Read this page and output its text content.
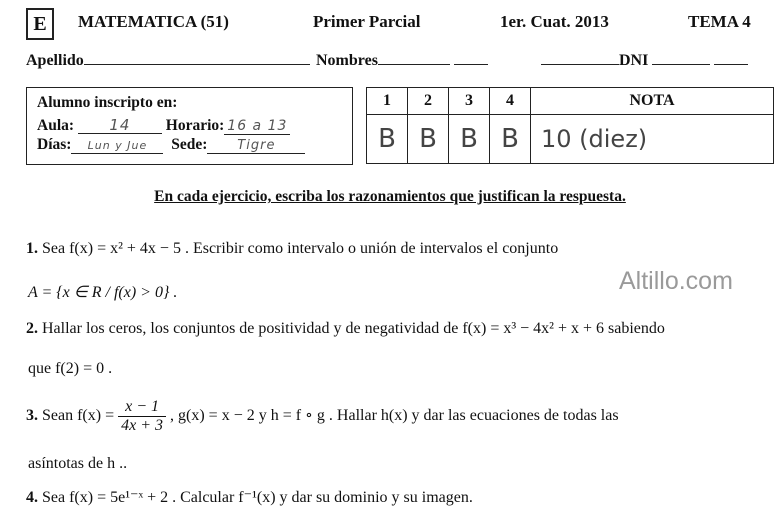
E	MATEMATICA (51)	Primer Parcial	1er. Cuat. 2013	TEMA 4
Apellido	Nombres	DNI
Alumno inscripto en:
Aula: 14 Horario: 16 a 13
Días: Lun y Jue Sede: Tigre
1	2	3	4	NOTA
B	B	B	B	10 (diez)
En cada ejercicio, escriba los razonamientos que justifican la respuesta.
1. Sea f(x) = x² + 4x − 5 . Escribir como intervalo o unión de intervalos el conjunto
A = {x ∈ R / f(x) > 0} .	Altillo.com
2. Hallar los ceros, los conjuntos de positividad y de negatividad de f(x) = x³ − 4x² + x + 6 sabiendo
que f(2) = 0 .
3. Sean $f(x) = \frac{x - 1}{4x + 3}$ , g(x) = x − 2 y h = f ∘ g . Hallar h(x) y dar las ecuaciones de todas las
asíntotas de h ..
4. Sea f(x) = 5e¹⁻ˣ + 2 . Calcular f⁻¹(x) y dar su dominio y su imagen.
